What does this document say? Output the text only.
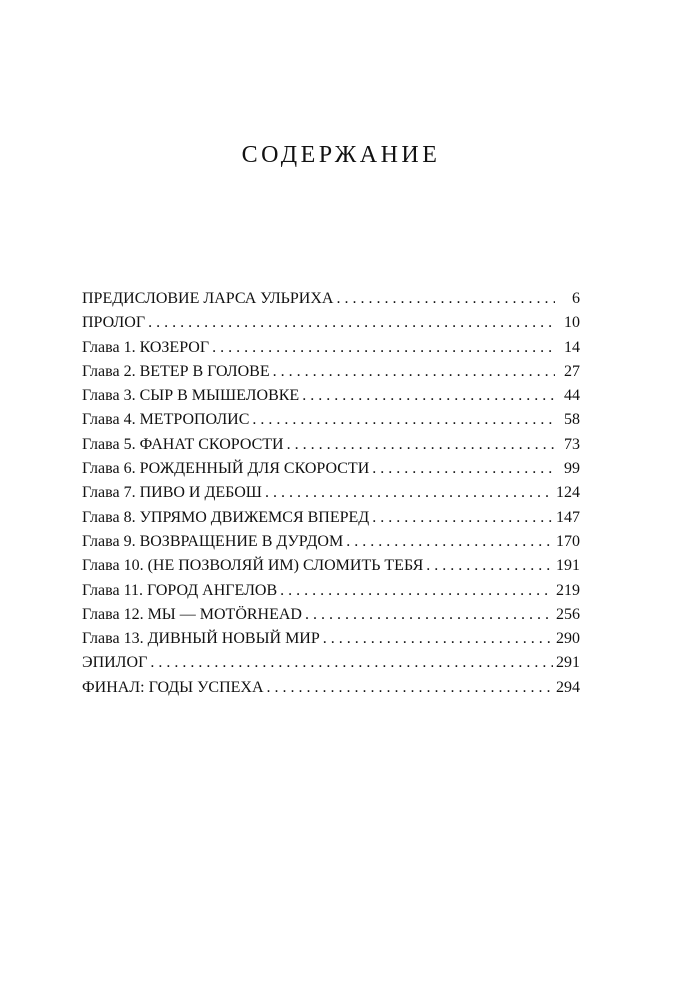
СОДЕРЖАНИЕ
ПРЕДИСЛОВИЕ ЛАРСА УЛЬРИХА . . .	6
ПРОЛОГ . . .	10
Глава 1. КОЗЕРОГ . . .	14
Глава 2. ВЕТЕР В ГОЛОВЕ . . .	27
Глава 3. СЫР В МЫШЕЛОВКЕ . . .	44
Глава 4. МЕТРОПОЛИС . . .	58
Глава 5. ФАНАТ СКОРОСТИ . . .	73
Глава 6. РОЖДЕННЫЙ ДЛЯ СКОРОСТИ . . .	99
Глава 7. ПИВО И ДЕБОШ . . .	124
Глава 8. УПРЯМО ДВИЖЕМСЯ ВПЕРЕД . . .	147
Глава 9. ВОЗВРАЩЕНИЕ В ДУРДОМ . . .	170
Глава 10. (НЕ ПОЗВОЛЯЙ ИМ) СЛОМИТЬ ТЕБЯ . . .	191
Глава 11. ГОРОД АНГЕЛОВ . . .	219
Глава 12. МЫ — MOTÖRHEAD . . .	256
Глава 13. ДИВНЫЙ НОВЫЙ МИР . . .	290
ЭПИЛОГ . . .	291
ФИНАЛ: ГОДЫ УСПЕХА . . .	294
